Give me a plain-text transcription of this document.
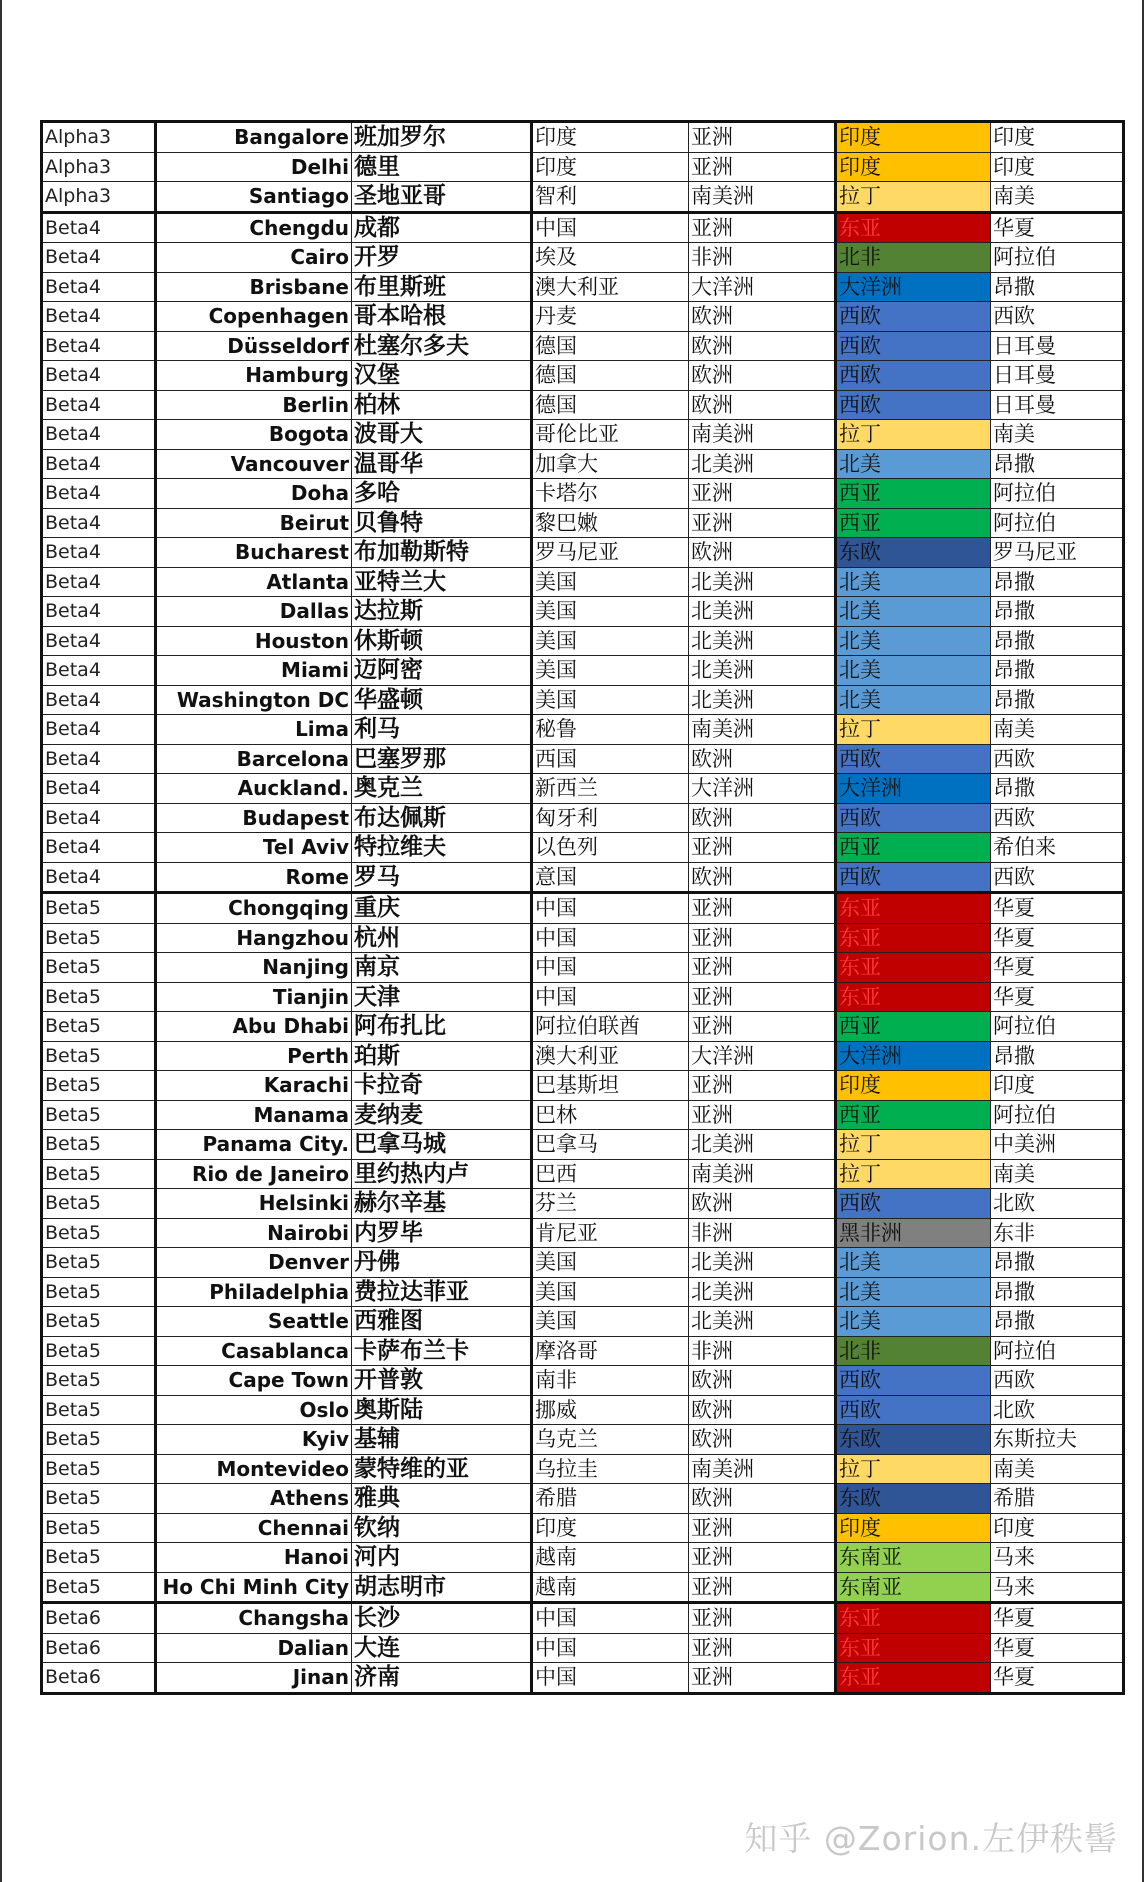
Alpha3	Bangalore	班加罗尔	印度	亚洲	印度	印度
Alpha3	Delhi	德里	印度	亚洲	印度	印度
Alpha3	Santiago	圣地亚哥	智利	南美洲	拉丁	南美
Beta4	Chengdu	成都	中国	亚洲	东亚	华夏
Beta4	Cairo	开罗	埃及	非洲	北非	阿拉伯
Beta4	Brisbane	布里斯班	澳大利亚	大洋洲	大洋洲	昂撒
Beta4	Copenhagen	哥本哈根	丹麦	欧洲	西欧	西欧
Beta4	Düsseldorf	杜塞尔多夫	德国	欧洲	西欧	日耳曼
Beta4	Hamburg	汉堡	德国	欧洲	西欧	日耳曼
Beta4	Berlin	柏林	德国	欧洲	西欧	日耳曼
Beta4	Bogota	波哥大	哥伦比亚	南美洲	拉丁	南美
Beta4	Vancouver	温哥华	加拿大	北美洲	北美	昂撒
Beta4	Doha	多哈	卡塔尔	亚洲	西亚	阿拉伯
Beta4	Beirut	贝鲁特	黎巴嫩	亚洲	西亚	阿拉伯
Beta4	Bucharest	布加勒斯特	罗马尼亚	欧洲	东欧	罗马尼亚
Beta4	Atlanta	亚特兰大	美国	北美洲	北美	昂撒
Beta4	Dallas	达拉斯	美国	北美洲	北美	昂撒
Beta4	Houston	休斯顿	美国	北美洲	北美	昂撒
Beta4	Miami	迈阿密	美国	北美洲	北美	昂撒
Beta4	Washington DC	华盛顿	美国	北美洲	北美	昂撒
Beta4	Lima	利马	秘鲁	南美洲	拉丁	南美
Beta4	Barcelona	巴塞罗那	西国	欧洲	西欧	西欧
Beta4	Auckland.	奥克兰	新西兰	大洋洲	大洋洲	昂撒
Beta4	Budapest	布达佩斯	匈牙利	欧洲	西欧	西欧
Beta4	Tel Aviv	特拉维夫	以色列	亚洲	西亚	希伯来
Beta4	Rome	罗马	意国	欧洲	西欧	西欧
Beta5	Chongqing	重庆	中国	亚洲	东亚	华夏
Beta5	Hangzhou	杭州	中国	亚洲	东亚	华夏
Beta5	Nanjing	南京	中国	亚洲	东亚	华夏
Beta5	Tianjin	天津	中国	亚洲	东亚	华夏
Beta5	Abu Dhabi	阿布扎比	阿拉伯联酋	亚洲	西亚	阿拉伯
Beta5	Perth	珀斯	澳大利亚	大洋洲	大洋洲	昂撒
Beta5	Karachi	卡拉奇	巴基斯坦	亚洲	印度	印度
Beta5	Manama	麦纳麦	巴林	亚洲	西亚	阿拉伯
Beta5	Panama City.	巴拿马城	巴拿马	北美洲	拉丁	中美洲
Beta5	Rio de Janeiro	里约热内卢	巴西	南美洲	拉丁	南美
Beta5	Helsinki	赫尔辛基	芬兰	欧洲	西欧	北欧
Beta5	Nairobi	内罗毕	肯尼亚	非洲	黑非洲	东非
Beta5	Denver	丹佛	美国	北美洲	北美	昂撒
Beta5	Philadelphia	费拉达菲亚	美国	北美洲	北美	昂撒
Beta5	Seattle	西雅图	美国	北美洲	北美	昂撒
Beta5	Casablanca	卡萨布兰卡	摩洛哥	非洲	北非	阿拉伯
Beta5	Cape Town	开普敦	南非	欧洲	西欧	西欧
Beta5	Oslo	奥斯陆	挪威	欧洲	西欧	北欧
Beta5	Kyiv	基辅	乌克兰	欧洲	东欧	东斯拉夫
Beta5	Montevideo	蒙特维的亚	乌拉圭	南美洲	拉丁	南美
Beta5	Athens	雅典	希腊	欧洲	东欧	希腊
Beta5	Chennai	钦纳	印度	亚洲	印度	印度
Beta5	Hanoi	河内	越南	亚洲	东南亚	马来
Beta5	Ho Chi Minh City	胡志明市	越南	亚洲	东南亚	马来
Beta6	Changsha	长沙	中国	亚洲	东亚	华夏
Beta6	Dalian	大连	中国	亚洲	东亚	华夏
Beta6	Jinan	济南	中国	亚洲	东亚	华夏
知乎 @Zorion.左伊秩髻
